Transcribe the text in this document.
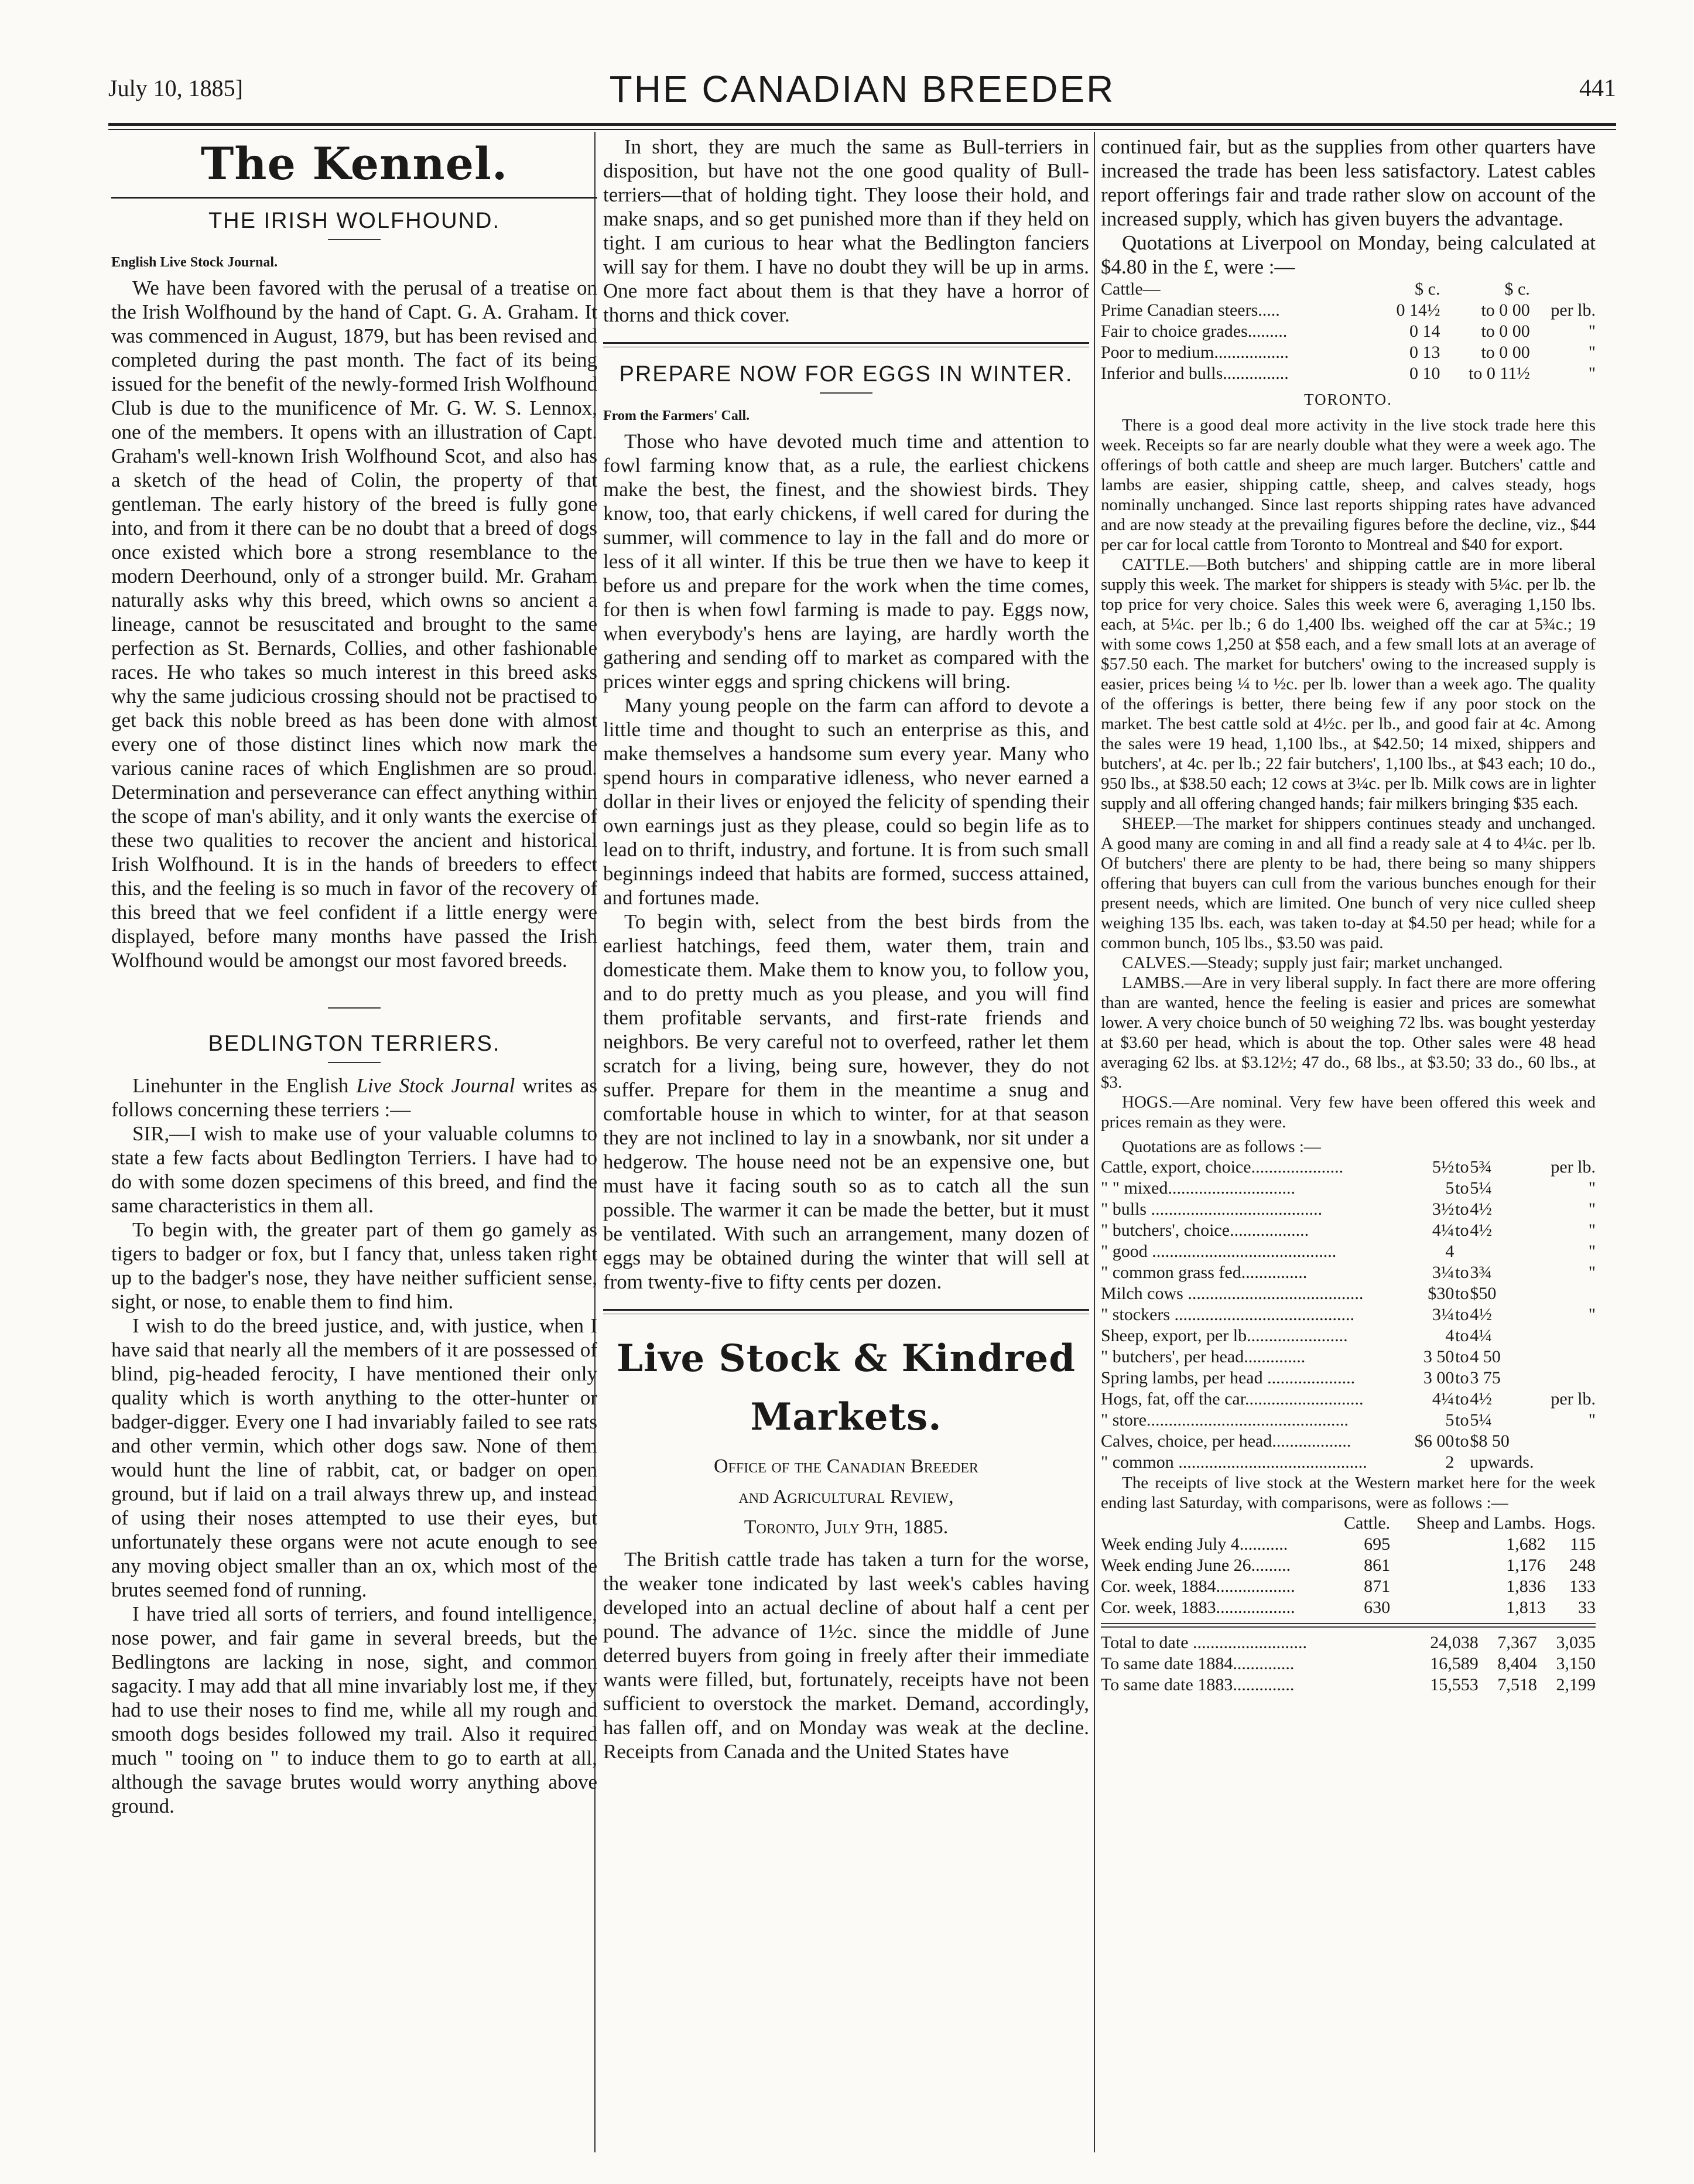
July 10, 1885]	THE CANADIAN BREEDER	441
The Kennel.
THE IRISH WOLFHOUND.
English Live Stock Journal.

We have been favored with the perusal of a treatise on the Irish Wolfhound by the hand of Capt. G. A. Graham. It was commenced in August, 1879, but has been revised and completed during the past month. The fact of its being issued for the benefit of the newly-formed Irish Wolfhound Club is due to the munificence of Mr. G. W. S. Lennox, one of the members. It opens with an illustration of Capt. Graham's well-known Irish Wolfhound Scot, and also has a sketch of the head of Colin, the property of that gentleman. The early history of the breed is fully gone into, and from it there can be no doubt that a breed of dogs once existed which bore a strong resemblance to the modern Deerhound, only of a stronger build. Mr. Graham naturally asks why this breed, which owns so ancient a lineage, cannot be resuscitated and brought to the same perfection as St. Bernards, Collies, and other fashionable races. He who takes so much interest in this breed asks why the same judicious crossing should not be practised to get back this noble breed as has been done with almost every one of those distinct lines which now mark the various canine races of which Englishmen are so proud. Determination and perseverance can effect anything within the scope of man's ability, and it only wants the exercise of these two qualities to recover the ancient and historical Irish Wolfhound. It is in the hands of breeders to effect this, and the feeling is so much in favor of the recovery of this breed that we feel confident if a little energy were displayed, before many months have passed the Irish Wolfhound would be amongst our most favored breeds.

BEDLINGTON TERRIERS.

Linehunter in the English Live Stock Journal writes as follows concerning these terriers :—

SIR,—I wish to make use of your valuable columns to state a few facts about Bedlington Terriers. I have had to do with some dozen specimens of this breed, and find the same characteristics in them all.

To begin with, the greater part of them go gamely as tigers to badger or fox, but I fancy that, unless taken right up to the badger's nose, they have neither sufficient sense, sight, or nose, to enable them to find him.

I wish to do the breed justice, and, with justice, when I have said that nearly all the members of it are possessed of blind, pig-headed ferocity, I have mentioned their only quality which is worth anything to the otter-hunter or badger-digger. Every one I had invariably failed to see rats and other vermin, which other dogs saw. None of them would hunt the line of rabbit, cat, or badger on open ground, but if laid on a trail always threw up, and instead of using their noses attempted to use their eyes, but unfortunately these organs were not acute enough to see any moving object smaller than an ox, which most of the brutes seemed fond of running.

I have tried all sorts of terriers, and found intelligence, nose power, and fair game in several breeds, but the Bedlingtons are lacking in nose, sight, and common sagacity. I may add that all mine invariably lost me, if they had to use their noses to find me, while all my rough and smooth dogs besides followed my trail. Also it required much " tooing on " to induce them to go to earth at all, although the savage brutes would worry anything above ground.

In short, they are much the same as Bull-terriers in disposition, but have not the one good quality of Bull-terriers—that of holding tight. They loose their hold, and make snaps, and so get punished more than if they held on tight. I am curious to hear what the Bedlington fanciers will say for them. I have no doubt they will be up in arms. One more fact about them is that they have a horror of thorns and thick cover.

PREPARE NOW FOR EGGS IN WINTER.
From the Farmers' Call.

Those who have devoted much time and attention to fowl farming know that, as a rule, the earliest chickens make the best, the finest, and the showiest birds. They know, too, that early chickens, if well cared for during the summer, will commence to lay in the fall and do more or less of it all winter. If this be true then we have to keep it before us and prepare for the work when the time comes, for then is when fowl farming is made to pay. Eggs now, when everybody's hens are laying, are hardly worth the gathering and sending off to market as compared with the prices winter eggs and spring chickens will bring.

Many young people on the farm can afford to devote a little time and thought to such an enterprise as this, and make themselves a handsome sum every year. Many who spend hours in comparative idleness, who never earned a dollar in their lives or enjoyed the felicity of spending their own earnings just as they please, could so begin life as to lead on to thrift, industry, and fortune. It is from such small beginnings indeed that habits are formed, success attained, and fortunes made.

To begin with, select from the best birds from the earliest hatchings, feed them, water them, train and domesticate them. Make them to know you, to follow you, and to do pretty much as you please, and you will find them profitable servants, and first-rate friends and neighbors. Be very careful not to overfeed, rather let them scratch for a living, being sure, however, they do not suffer. Prepare for them in the meantime a snug and comfortable house in which to winter, for at that season they are not inclined to lay in a snowbank, nor sit under a hedgerow. The house need not be an expensive one, but must have it facing south so as to catch all the sun possible. The warmer it can be made the better, but it must be ventilated. With such an arrangement, many dozen of eggs may be obtained during the winter that will sell at from twenty-five to fifty cents per dozen.

Live Stock & Kindred Markets.
Office of the Canadian Breeder
and Agricultural Review,
Toronto, July 9th, 1885.

The British cattle trade has taken a turn for the worse, the weaker tone indicated by last week's cables having developed into an actual decline of about half a cent per pound. The advance of 1½c. since the middle of June deterred buyers from going in freely after their immediate wants were filled, but, fortunately, receipts have not been sufficient to overstock the market. Demand, accordingly, has fallen off, and on Monday was weak at the decline. Receipts from Canada and the United States have

continued fair, but as the supplies from other quarters have increased the trade has been less satisfactory. Latest cables report offerings fair and trade rather slow on account of the increased supply, which has given buyers the advantage.

Quotations at Liverpool on Monday, being calculated at $4.80 in the £, were :—

Cattle—	$ c.	$ c.	
Prime Canadian steers.....	0 14½	to 0 00	per lb.
Fair to choice grades.........	0 14	to 0 00	"
Poor to medium.................	0 13	to 0 00	"
Inferior and bulls...............	0 10	to 0 11½	"
TORONTO.

There is a good deal more activity in the live stock trade here this week. Receipts so far are nearly double what they were a week ago. The offerings of both cattle and sheep are much larger. Butchers' cattle and lambs are easier, shipping cattle, sheep, and calves steady, hogs nominally unchanged. Since last reports shipping rates have advanced and are now steady at the prevailing figures before the decline, viz., $44 per car for local cattle from Toronto to Montreal and $40 for export.

CATTLE.—Both butchers' and shipping cattle are in more liberal supply this week. The market for shippers is steady with 5¼c. per lb. the top price for very choice. Sales this week were 6, averaging 1,150 lbs. each, at 5¼c. per lb.; 6 do 1,400 lbs. weighed off the car at 5¾c.; 19 with some cows 1,250 at $58 each, and a few small lots at an average of $57.50 each. The market for butchers' owing to the increased supply is easier, prices being ¼ to ½c. per lb. lower than a week ago. The quality of the offerings is better, there being few if any poor stock on the market. The best cattle sold at 4½c. per lb., and good fair at 4c. Among the sales were 19 head, 1,100 lbs., at $42.50; 14 mixed, shippers and butchers', at 4c. per lb.; 22 fair butchers', 1,100 lbs., at $43 each; 10 do., 950 lbs., at $38.50 each; 12 cows at 3¼c. per lb. Milk cows are in lighter supply and all offering changed hands; fair milkers bringing $35 each.

SHEEP.—The market for shippers continues steady and unchanged. A good many are coming in and all find a ready sale at 4 to 4¼c. per lb. Of butchers' there are plenty to be had, there being so many shippers offering that buyers can cull from the various bunches enough for their present needs, which are limited. One bunch of very nice culled sheep weighing 135 lbs. each, was taken to-day at $4.50 per head; while for a common bunch, 105 lbs., $3.50 was paid.

CALVES.—Steady; supply just fair; market unchanged.

LAMBS.—Are in very liberal supply. In fact there are more offering than are wanted, hence the feeling is easier and prices are somewhat lower. A very choice bunch of 50 weighing 72 lbs. was bought yesterday at $3.60 per head, which is about the top. Other sales were 48 head averaging 62 lbs. at $3.12½; 47 do., 68 lbs., at $3.50; 33 do., 60 lbs., at $3.

HOGS.—Are nominal. Very few have been offered this week and prices remain as they were.

Quotations are as follows :—

Cattle, export, choice.....................	5½	to	5¾	per lb.
" " mixed.............................	5	to	5¼	"
" bulls .......................................	3½	to	4½	"
" butchers', choice..................	4¼	to	4½	"
" good ..........................................	4			"
" common grass fed...............	3¼	to	3¾	"
Milch cows ........................................	$30	to	$50	
" stockers .........................................	3¼	to	4½	"
Sheep, export, per lb.......................	4	to	4¼	
" butchers', per head..............	3 50	to	4 50	
Spring lambs, per head ....................	3 00	to	3 75	
Hogs, fat, off the car...........................	4¼	to	4½	per lb.
" store..............................................	5	to	5¼	"
Calves, choice, per head..................	$6 00	to	$8 50	
" common ...........................................	2		upwards.	

The receipts of live stock at the Western market here for the week ending last Saturday, with comparisons, were as follows :—

	Cattle.	Sheep and Lambs.	Hogs.
Week ending July 4...........	695	1,682	115
Week ending June 26.........	861	1,176	248
Cor. week, 1884..................	871	1,836	133
Cor. week, 1883..................	630	1,813	33
Total to date ..........................	24,038	7,367	3,035
To same date 1884..............	16,589	8,404	3,150
To same date 1883..............	15,553	7,518	2,199
